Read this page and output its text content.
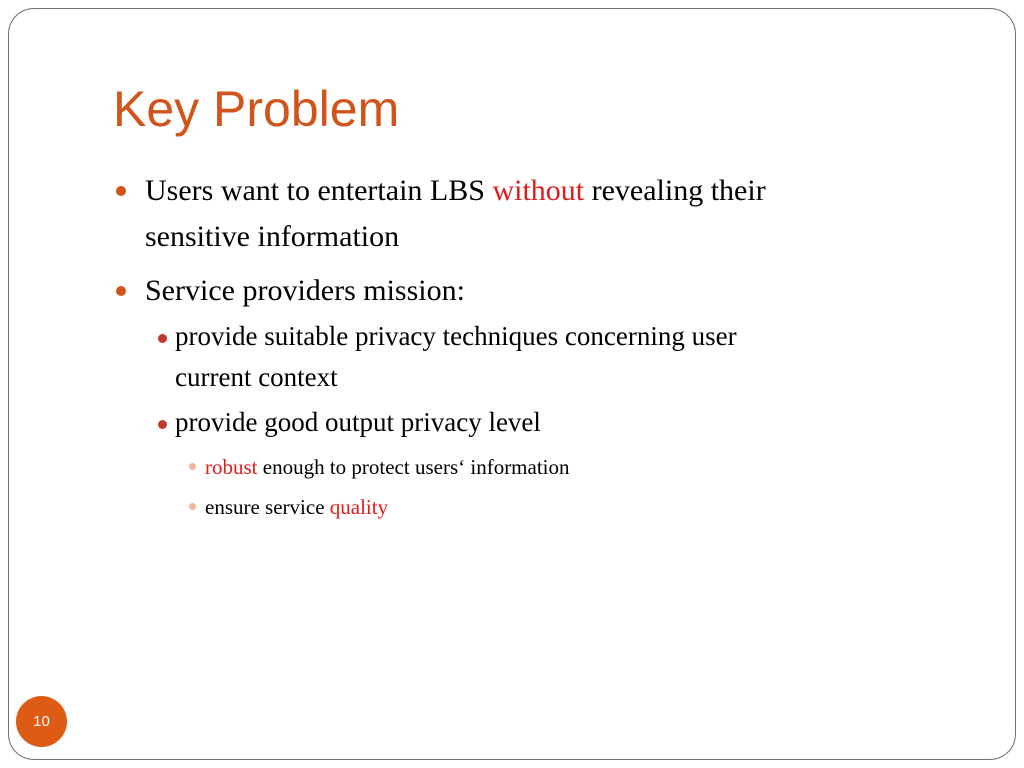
Key Problem
Users want to entertain LBS without revealing their
sensitive information
Service providers mission:
provide suitable privacy techniques concerning user
current context
provide good output privacy level
robust enough to protect users‘ information
ensure service quality
10
